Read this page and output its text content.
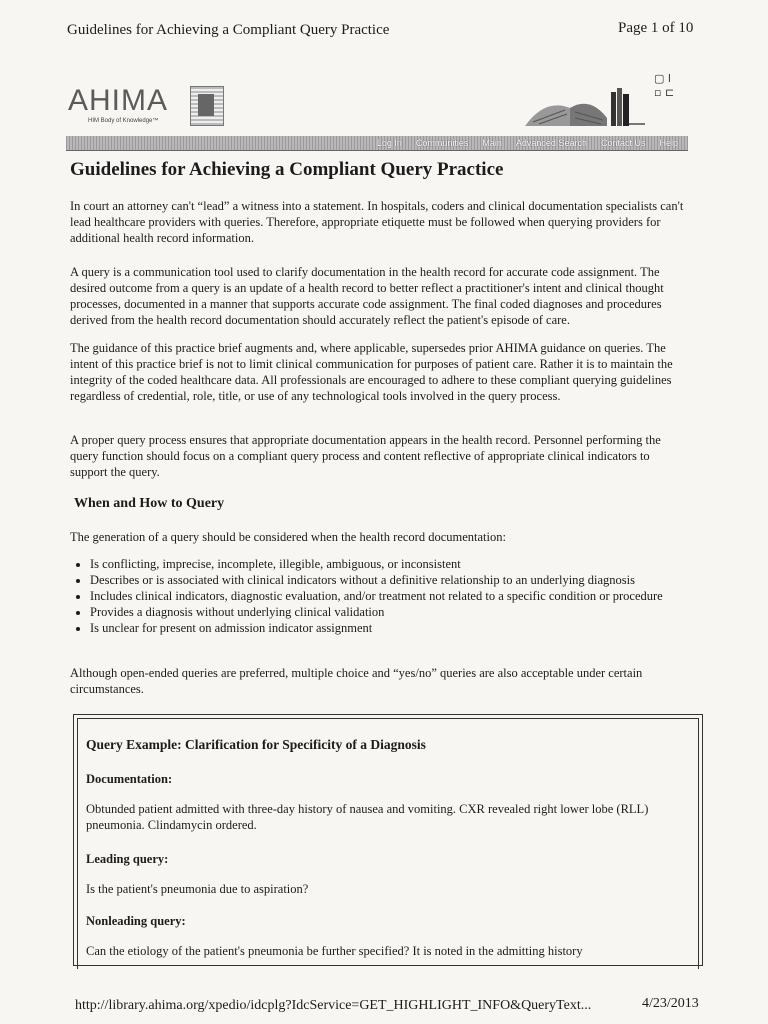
Guidelines for Achieving a Compliant Query Practice	Page 1 of 10
AHIMA
HIM Body of Knowledge™
▢ ⅼ
▫ ⊏
Log In Communities Main Advanced Search Contact Us Help
Guidelines for Achieving a Compliant Query Practice

In court an attorney can't “lead” a witness into a statement. In hospitals, coders and clinical documentation specialists can't lead healthcare providers with queries. Therefore, appropriate etiquette must be followed when querying providers for additional health record information.

A query is a communication tool used to clarify documentation in the health record for accurate code assignment. The desired outcome from a query is an update of a health record to better reflect a practitioner's intent and clinical thought processes, documented in a manner that supports accurate code assignment. The final coded diagnoses and procedures derived from the health record documentation should accurately reflect the patient's episode of care.

The guidance of this practice brief augments and, where applicable, supersedes prior AHIMA guidance on queries. The intent of this practice brief is not to limit clinical communication for purposes of patient care. Rather it is to maintain the integrity of the coded healthcare data. All professionals are encouraged to adhere to these compliant querying guidelines regardless of credential, role, title, or use of any technological tools involved in the query process.

A proper query process ensures that appropriate documentation appears in the health record. Personnel performing the query function should focus on a compliant query process and content reflective of appropriate clinical indicators to support the query.

When and How to Query

The generation of a query should be considered when the health record documentation:

• Is conflicting, imprecise, incomplete, illegible, ambiguous, or inconsistent
• Describes or is associated with clinical indicators without a definitive relationship to an underlying diagnosis
• Includes clinical indicators, diagnostic evaluation, and/or treatment not related to a specific condition or procedure
• Provides a diagnosis without underlying clinical validation
• Is unclear for present on admission indicator assignment

Although open-ended queries are preferred, multiple choice and “yes/no” queries are also acceptable under certain circumstances.

Query Example: Clarification for Specificity of a Diagnosis

Documentation:

Obtunded patient admitted with three-day history of nausea and vomiting. CXR revealed right lower lobe (RLL) pneumonia. Clindamycin ordered.

Leading query:

Is the patient's pneumonia due to aspiration?

Nonleading query:

Can the etiology of the patient's pneumonia be further specified? It is noted in the admitting history

http://library.ahima.org/xpedio/idcplg?IdcService=GET_HIGHLIGHT_INFO&QueryText...	4/23/2013
